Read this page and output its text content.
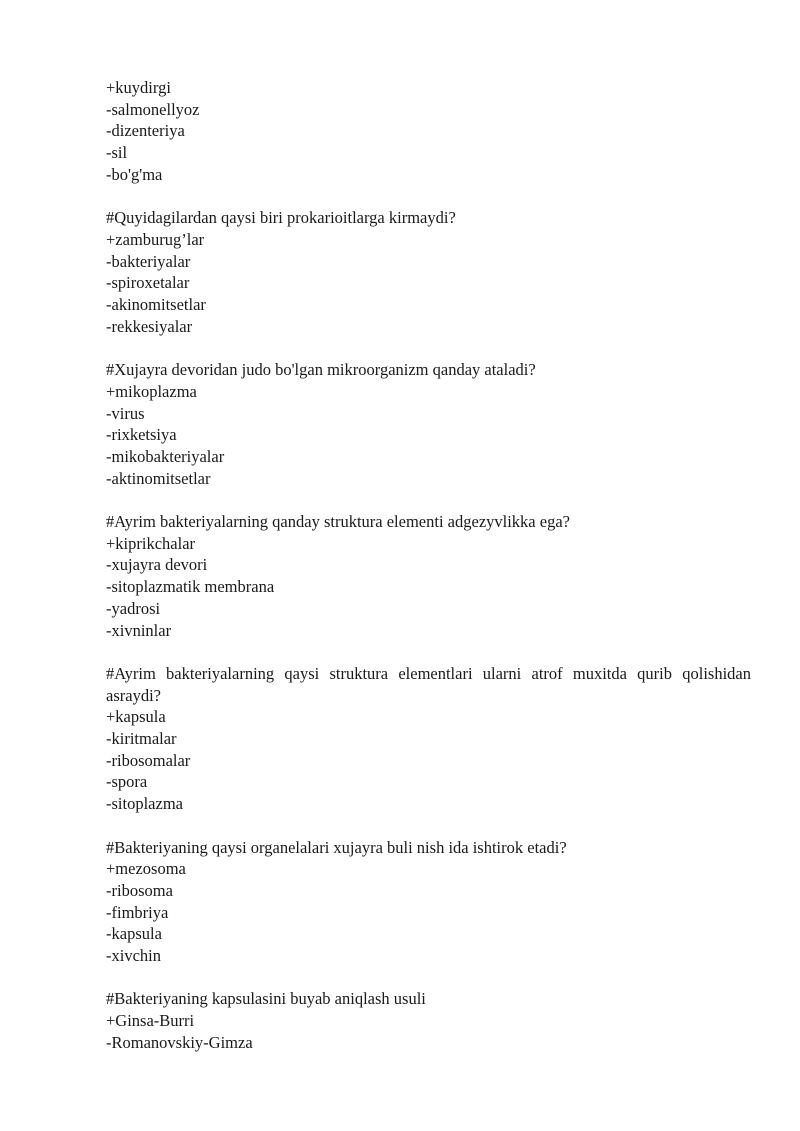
+kuydirgi
-salmonellyoz
-dizenteriya
-sil
-bo'g'ma
#Quyidagilardan qaysi biri prokarioitlarga kirmaydi?
+zamburug’lar
-bakteriyalar
-spiroxetalar
-akinomitsetlar
-rekkesiyalar
#Xujayra devoridan judo bo'lgan mikroorganizm qanday ataladi?
+mikoplazma
-virus
-rixketsiya
-mikobakteriyalar
-aktinomitsetlar
#Ayrim bakteriyalarning qanday struktura elementi adgezyvlikka ega?
+kiprikchalar
-xujayra devori
-sitoplazmatik membrana
-yadrosi
-xivninlar
#Ayrim bakteriyalarning qaysi struktura elementlari ularni atrof muxitda qurib qolishidan asraydi?
+kapsula
-kiritmalar
-ribosomalar
-spora
-sitoplazma
#Bakteriyaning qaysi organelalari xujayra buli nish ida ishtirok etadi?
+mezosoma
-ribosoma
-fimbriya
-kapsula
-xivchin
#Bakteriyaning kapsulasini buyab aniqlash usuli
+Ginsa-Burri
-Romanovskiy-Gimza
